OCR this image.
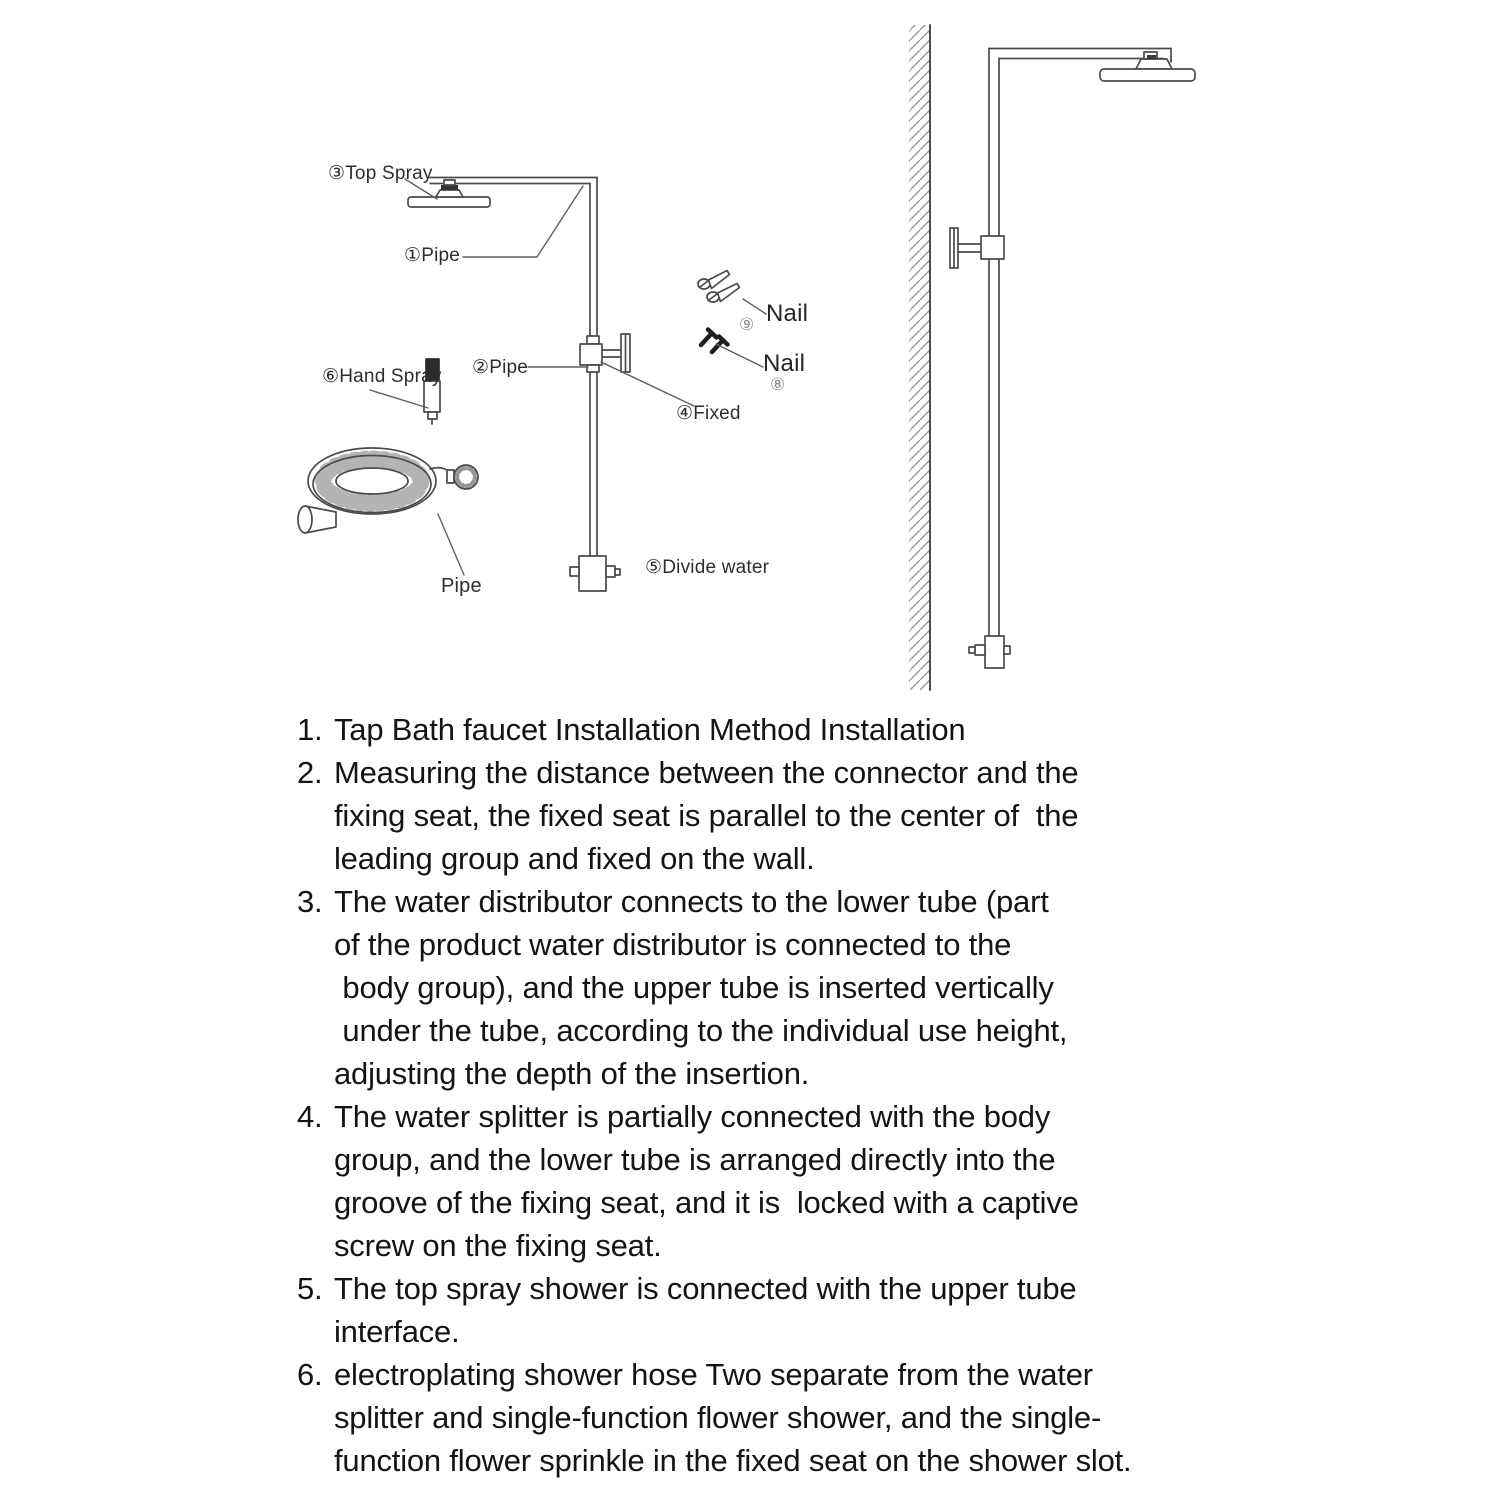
③Top Spray
①Pipe
②Pipe
⑥Hand Spray
④Fixed
⑤Divide water
Pipe
Nail
⑨
Nail
⑧
1. Tap Bath faucet Installation Method Installation
2. Measuring the distance between the connector and the
fixing seat, the fixed seat is parallel to the center of  the
leading group and fixed on the wall.
3. The water distributor connects to the lower tube (part
of the product water distributor is connected to the
body group), and the upper tube is inserted vertically
under the tube, according to the individual use height,
adjusting the depth of the insertion.
4. The water splitter is partially connected with the body
group, and the lower tube is arranged directly into the
groove of the fixing seat, and it is  locked with a captive
screw on the fixing seat.
5. The top spray shower is connected with the upper tube
interface.
6. electroplating shower hose Two separate from the water
splitter and single-function flower shower, and the single-
function flower sprinkle in the fixed seat on the shower slot.
